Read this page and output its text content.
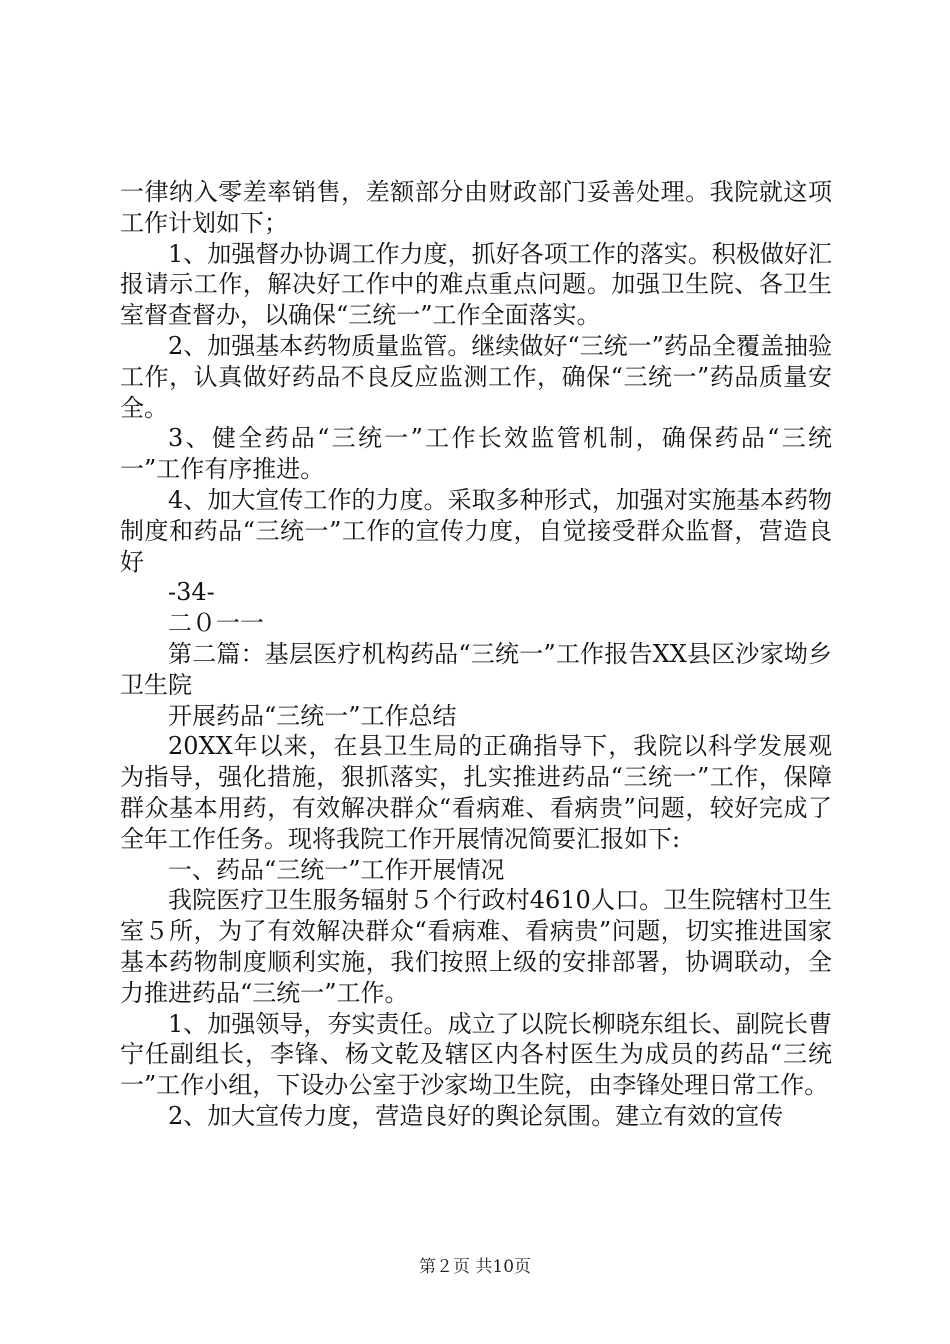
一律纳入零差率销售，差额部分由财政部门妥善处理。我院就这项工作计划如下；

1、加强督办协调工作力度，抓好各项工作的落实。积极做好汇报请示工作，解决好工作中的难点重点问题。加强卫生院、各卫生室督查督办，以确保“三统一”工作全面落实。

2、加强基本药物质量监管。继续做好“三统一”药品全覆盖抽验工作，认真做好药品不良反应监测工作，确保“三统一”药品质量安全。

3、健全药品“三统一”工作长效监管机制，确保药品“三统一”工作有序推进。

4、加大宣传工作的力度。采取多种形式，加强对实施基本药物制度和药品“三统一”工作的宣传力度，自觉接受群众监督，营造良好

-34-

二０一一

第二篇：基层医疗机构药品“三统一”工作报告XX县区沙家坳乡卫生院

开展药品“三统一”工作总结

20XX年以来，在县卫生局的正确指导下，我院以科学发展观为指导，强化措施，狠抓落实，扎实推进药品“三统一”工作，保障群众基本用药，有效解决群众“看病难、看病贵”问题，较好完成了全年工作任务。现将我院工作开展情况简要汇报如下:

一、药品“三统一”工作开展情况

我院医疗卫生服务辐射５个行政村4610人口。卫生院辖村卫生室５所，为了有效解决群众“看病难、看病贵”问题，切实推进国家基本药物制度顺利实施，我们按照上级的安排部署，协调联动，全力推进药品“三统一”工作。

1、加强领导，夯实责任。成立了以院长柳晓东组长、副院长曹宁任副组长，李锋、杨文乾及辖区内各村医生为成员的药品“三统一”工作小组，下设办公室于沙家坳卫生院，由李锋处理日常工作。

2、加大宣传力度，营造良好的舆论氛围。建立有效的宣传

第２页 共10页
